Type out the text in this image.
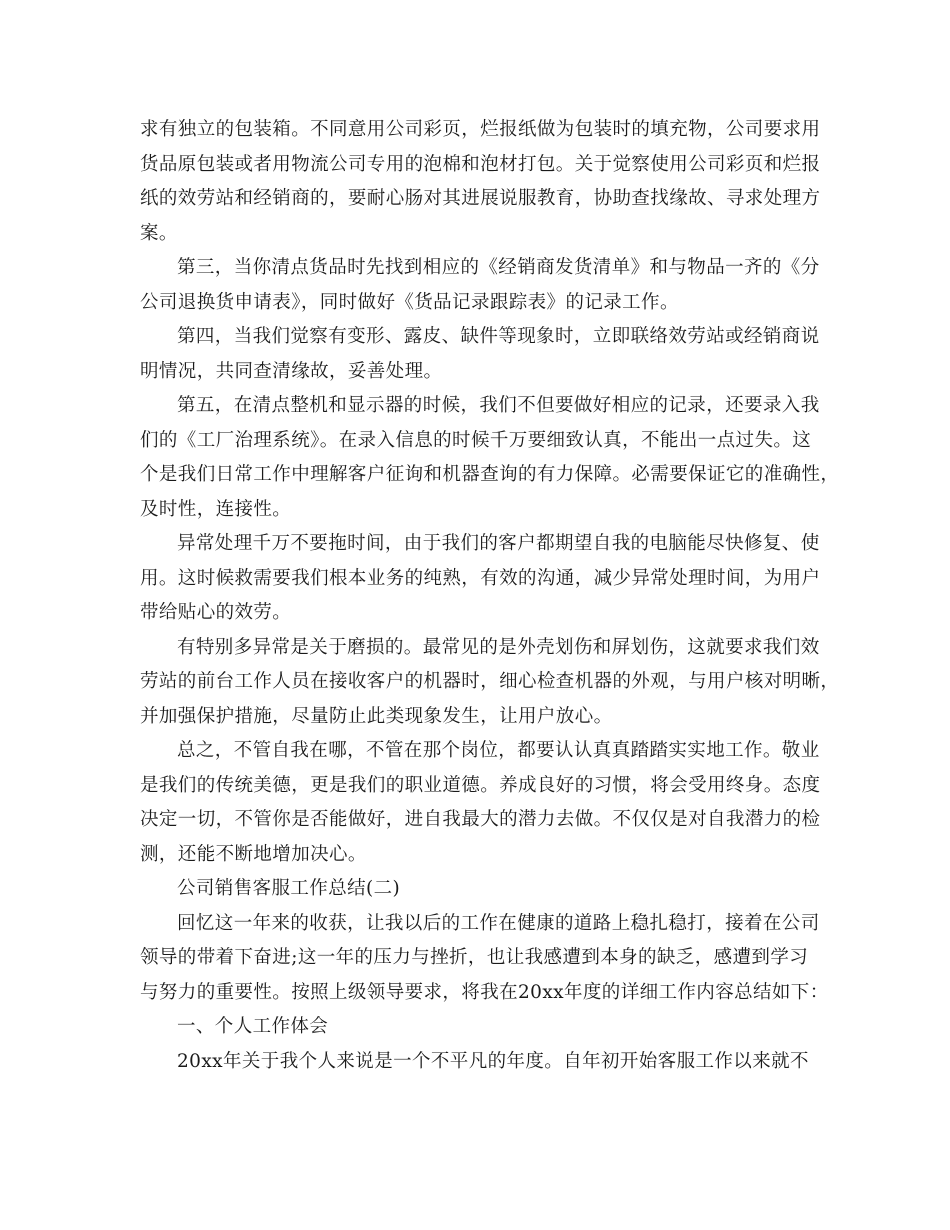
求有独立的包装箱。不同意用公司彩页，烂报纸做为包装时的填充物，公司要求用
货品原包装或者用物流公司专用的泡棉和泡材打包。关于觉察使用公司彩页和烂报
纸的效劳站和经销商的，要耐心肠对其进展说服教育，协助查找缘故、寻求处理方
案。

第三，当你清点货品时先找到相应的《经销商发货清单》和与物品一齐的《分
公司退换货申请表》，同时做好《货品记录跟踪表》的记录工作。

第四，当我们觉察有变形、露皮、缺件等现象时，立即联络效劳站或经销商说
明情况，共同查清缘故，妥善处理。

第五，在清点整机和显示器的时候，我们不但要做好相应的记录，还要录入我
们的《工厂治理系统》。在录入信息的时候千万要细致认真，不能出一点过失。这
个是我们日常工作中理解客户征询和机器查询的有力保障。必需要保证它的准确性，
及时性，连接性。

异常处理千万不要拖时间，由于我们的客户都期望自我的电脑能尽快修复、使
用。这时候救需要我们根本业务的纯熟，有效的沟通，减少异常处理时间，为用户
带给贴心的效劳。

有特别多异常是关于磨损的。最常见的是外壳划伤和屏划伤，这就要求我们效
劳站的前台工作人员在接收客户的机器时，细心检查机器的外观，与用户核对明晰，
并加强保护措施，尽量防止此类现象发生，让用户放心。

总之，不管自我在哪，不管在那个岗位，都要认认真真踏踏实实地工作。敬业
是我们的传统美德，更是我们的职业道德。养成良好的习惯，将会受用终身。态度
决定一切，不管你是否能做好，进自我最大的潜力去做。不仅仅是对自我潜力的检
测，还能不断地增加决心。

公司销售客服工作总结(二)

回忆这一年来的收获，让我以后的工作在健康的道路上稳扎稳打，接着在公司
领导的带着下奋进;这一年的压力与挫折，也让我感遭到本身的缺乏，感遭到学习
与努力的重要性。按照上级领导要求，将我在20xx年度的详细工作内容总结如下：

一、个人工作体会

20xx年关于我个人来说是一个不平凡的年度。自年初开始客服工作以来就不
